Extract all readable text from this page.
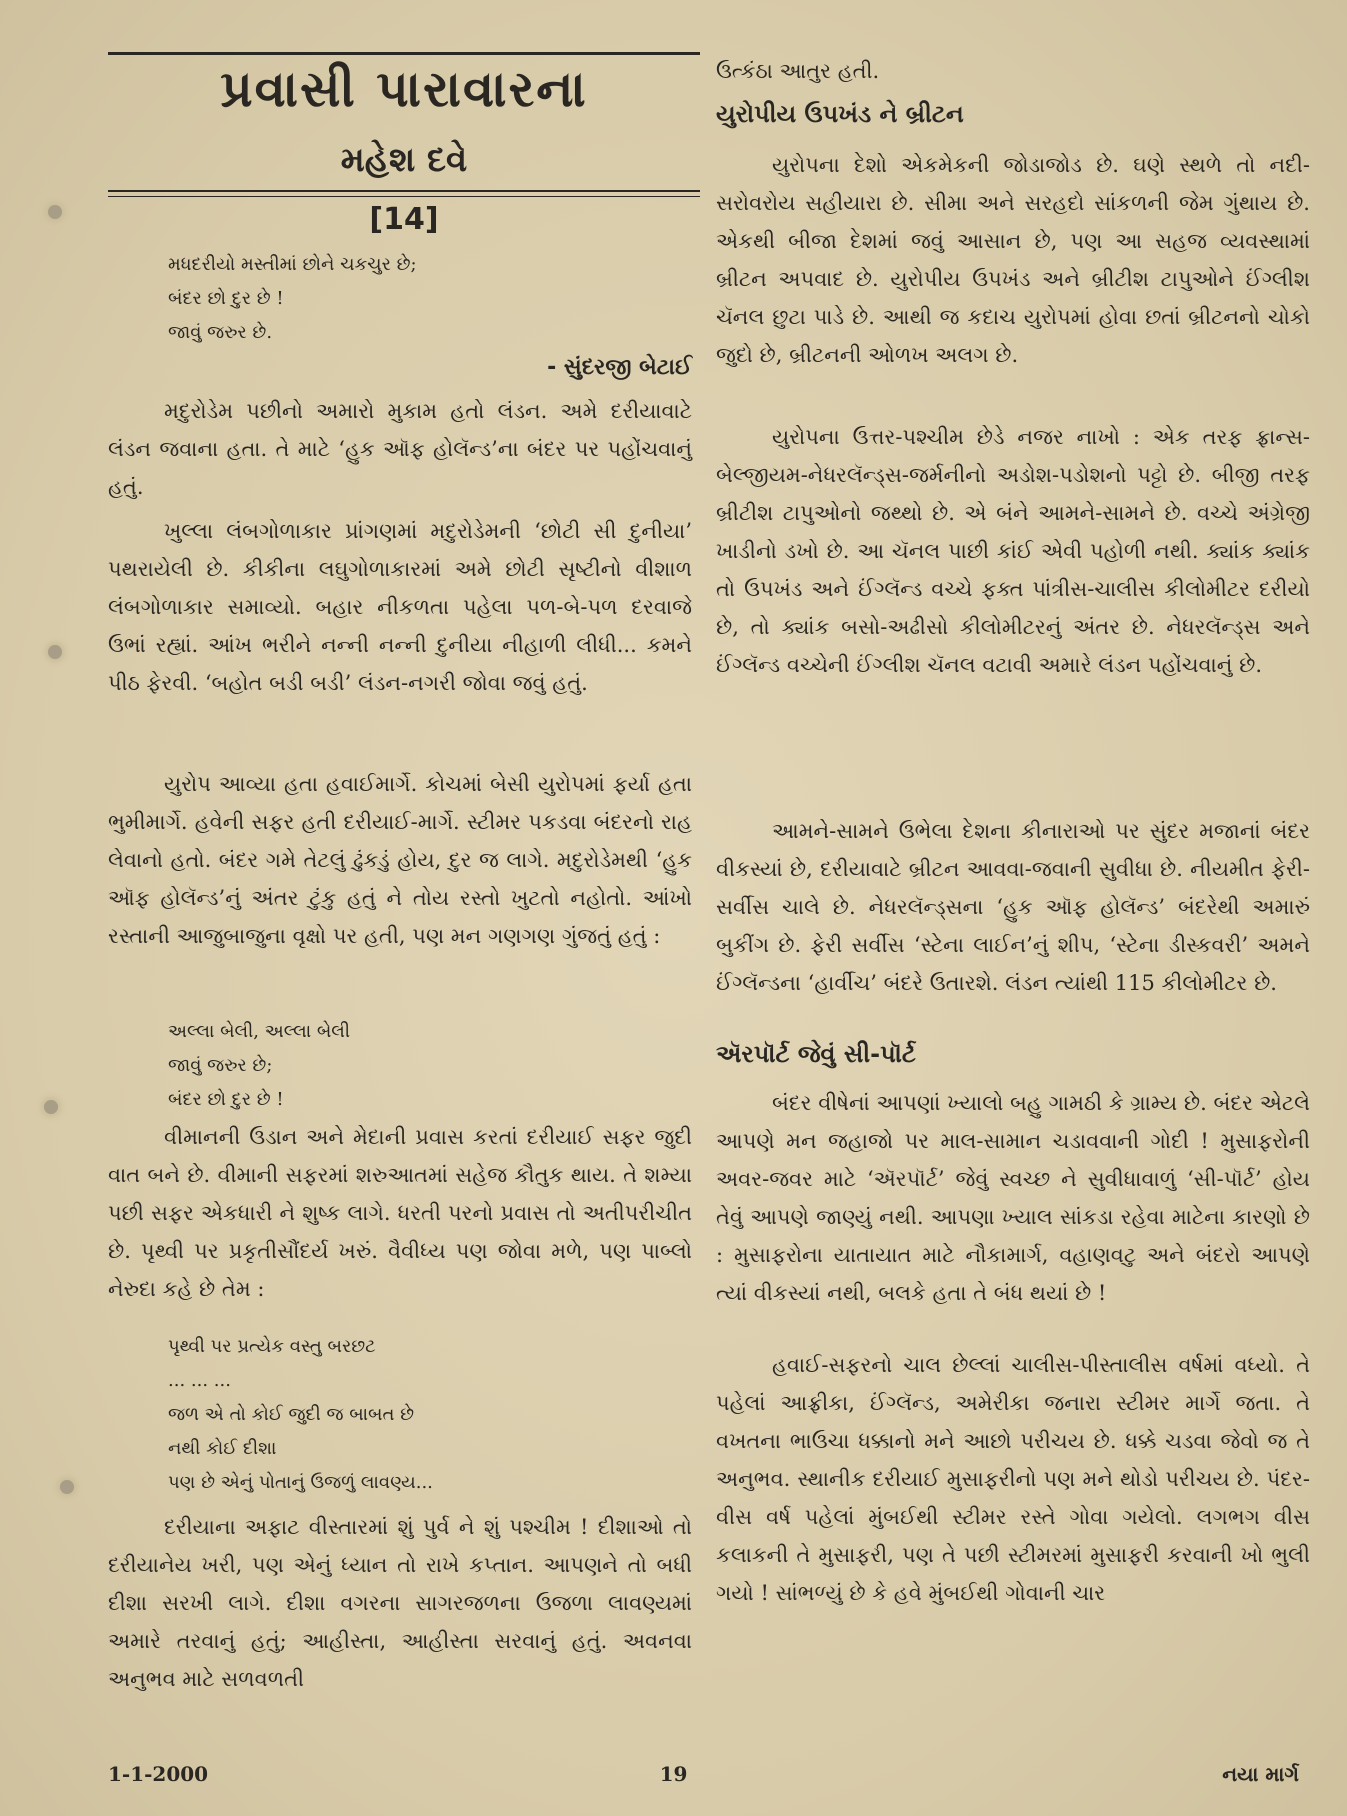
પ્રવાસી પારાવારના
મહેશ દવે
[14]
મધદરીયો મસ્તીમાં છોને ચકચુર છે;
બંદર છો દુર છે !
જાવું જરુર છે.
- સુંદરજી બેટાઈ

મદુરોડેમ પછીનો અમારો મુકામ હતો લંડન. અમે દરીયાવાટે લંડન જવાના હતા. તે માટે ‘હુક ઑફ હોલૅન્ડ’ના બંદર પર પહોંચવાનું હતું.

ખુલ્લા લંબગોળાકાર પ્રાંગણમાં મદુરોડેમની ‘છોટી સી દુનીયા’ પથરાયેલી છે. કીકીના લઘુગોળાકારમાં અમે છોટી સૃષ્ટીનો વીશાળ લંબગોળાકાર સમાવ્યો. બહાર નીકળતા પહેલા પળ-બે-પળ દરવાજે ઉભાં રહ્યાં. આંખ ભરીને નન્ની નન્ની દુનીયા નીહાળી લીધી... કમને પીઠ ફેરવી. ‘બહોત બડી બડી’ લંડન-નગરી જોવા જવું હતું.

યુરોપ આવ્યા હતા હવાઈમાર્ગે. કોચમાં બેસી યુરોપમાં ફર્યા હતા ભુમીમાર્ગે. હવેની સફર હતી દરીયાઈ-માર્ગે. સ્ટીમર પકડવા બંદરનો રાહ લેવાનો હતો. બંદર ગમે તેટલું ઢુંકડું હોય, દુર જ લાગે. મદુરોડેમથી ‘હુક ઑફ હોલૅન્ડ’નું અંતર ટુંકુ હતું ને તોય રસ્તો ખુટતો નહોતો. આંખો રસ્તાની આજુબાજુના વૃક્ષો પર હતી, પણ મન ગણગણ ગુંજતું હતું :

અલ્લા બેલી, અલ્લા બેલી
જાવું જરુર છે;
બંદર છો દુર છે !

વીમાનની ઉડાન અને મેદાની પ્રવાસ કરતાં દરીયાઈ સફર જુદી વાત બને છે. વીમાની સફરમાં શરુઆતમાં સહેજ કૌતુક થાય. તે શમ્યા પછી સફર એકધારી ને શુષ્ક લાગે. ધરતી પરનો પ્રવાસ તો અતીપરીચીત છે. પૃથ્વી પર પ્રકૃતીસૌંદર્ય ખરું. વૈવીધ્ય પણ જોવા મળે, પણ પાબ્લો નેરુદા કહે છે તેમ :

પૃથ્વી પર પ્રત્યેક વસ્તુ બરછટ
... ... ...
જળ એ તો કોઈ જુદી જ બાબત છે
નથી કોઈ દીશા
પણ છે એનું પોતાનું ઉજળું લાવણ્ય...

દરીયાના અફાટ વીસ્તારમાં શું પુર્વ ને શું પશ્ચીમ ! દીશાઓ તો દરીયાનેય ખરી, પણ એનું ધ્યાન તો રાખે કપ્તાન. આપણને તો બધી દીશા સરખી લાગે. દીશા વગરના સાગરજળના ઉજળા લાવણ્યમાં અમારે તરવાનું હતું; આહીસ્તા, આહીસ્તા સરવાનું હતું. અવનવા અનુભવ માટે સળવળતી

ઉત્કંઠા આતુર હતી.

યુરોપીય ઉપખંડ ને બ્રીટન

યુરોપના દેશો એકમેકની જોડાજોડ છે. ઘણે સ્થળે તો નદી-સરોવરોય સહીયારા છે. સીમા અને સરહદો સાંકળની જેમ ગુંથાય છે. એકથી બીજા દેશમાં જવું આસાન છે, પણ આ સહજ વ્યવસ્થામાં બ્રીટન અપવાદ છે. યુરોપીય ઉપખંડ અને બ્રીટીશ ટાપુઓને ઈંગ્લીશ ચૅનલ છુટા પાડે છે. આથી જ કદાચ યુરોપમાં હોવા છતાં બ્રીટનનો ચોકો જુદો છે, બ્રીટનની ઓળખ અલગ છે.

યુરોપના ઉત્તર-પશ્ચીમ છેડે નજર નાખો : એક તરફ ફ્રાન્સ-બેલ્જીયમ-નેધરલૅન્ડ્સ-જર્મનીનો અડોશ-પડોશનો પટ્ટો છે. બીજી તરફ બ્રીટીશ ટાપુઓનો જથ્થો છે. એ બંને આમને-સામને છે. વચ્ચે અંગ્રેજી ખાડીનો ડખો છે. આ ચૅનલ પાછી કાંઈ એવી પહોળી નથી. ક્યાંક ક્યાંક તો ઉપખંડ અને ઈંગ્લૅન્ડ વચ્ચે ફક્ત પાંત્રીસ-ચાલીસ કીલોમીટર દરીયો છે, તો ક્યાંક બસો-અઢીસો કીલોમીટરનું અંતર છે. નેધરલૅન્ડ્સ અને ઈંગ્લૅન્ડ વચ્ચેની ઈંગ્લીશ ચૅનલ વટાવી અમારે લંડન પહોંચવાનું છે.

આમને-સામને ઉભેલા દેશના કીનારાઓ પર સુંદર મજાનાં બંદર વીકસ્યાં છે, દરીયાવાટે બ્રીટન આવવા-જવાની સુવીધા છે. નીયમીત ફેરી-સર્વીસ ચાલે છે. નેધરલૅન્ડ્સના ‘હુક ઑફ હોલૅન્ડ’ બંદરેથી અમારું બુકીંગ છે. ફેરી સર્વીસ ‘સ્ટેના લાઈન’નું શીપ, ‘સ્ટેના ડીસ્કવરી’ અમને ઈંગ્લૅન્ડના ‘હાર્વીચ’ બંદરે ઉતારશે. લંડન ત્યાંથી 115 કીલોમીટર છે.

ઍરપૉર્ટ જેવું સી-પૉર્ટ

બંદર વીષેનાં આપણાં ખ્યાલો બહુ ગામઠી કે ગ્રામ્ય છે. બંદર એટલે આપણે મન જહાજો પર માલ-સામાન ચડાવવાની ગોદી ! મુસાફરોની અવર-જવર માટે ‘ઍરપૉર્ટ’ જેવું સ્વચ્છ ને સુવીધાવાળું ‘સી-પૉર્ટ’ હોય તેવું આપણે જાણ્યું નથી. આપણા ખ્યાલ સાંકડા રહેવા માટેના કારણો છે : મુસાફરોના યાતાયાત માટે નૌકામાર્ગ, વહાણવટુ અને બંદરો આપણે ત્યાં વીકસ્યાં નથી, બલકે હતા તે બંધ થયાં છે !

હવાઈ-સફરનો ચાલ છેલ્લાં ચાલીસ-પીસ્તાલીસ વર્ષમાં વધ્યો. તે પહેલાં આફ્રીકા, ઈંગ્લૅન્ડ, અમેરીકા જનારા સ્ટીમર માર્ગે જતા. તે વખતના ભાઉચા ધક્કાનો મને આછો પરીચય છે. ધક્કે ચડવા જેવો જ તે અનુભવ. સ્થાનીક દરીયાઈ મુસાફરીનો પણ મને થોડો પરીચય છે. પંદર-વીસ વર્ષ પહેલાં મુંબઈથી સ્ટીમર રસ્તે ગોવા ગયેલો. લગભગ વીસ કલાકની તે મુસાફરી, પણ તે પછી સ્ટીમરમાં મુસાફરી કરવાની ખો ભુલી ગયો ! સાંભળ્યું છે કે હવે મુંબઈથી ગોવાની ચાર

1-1-2000	19	નયા માર્ગ
